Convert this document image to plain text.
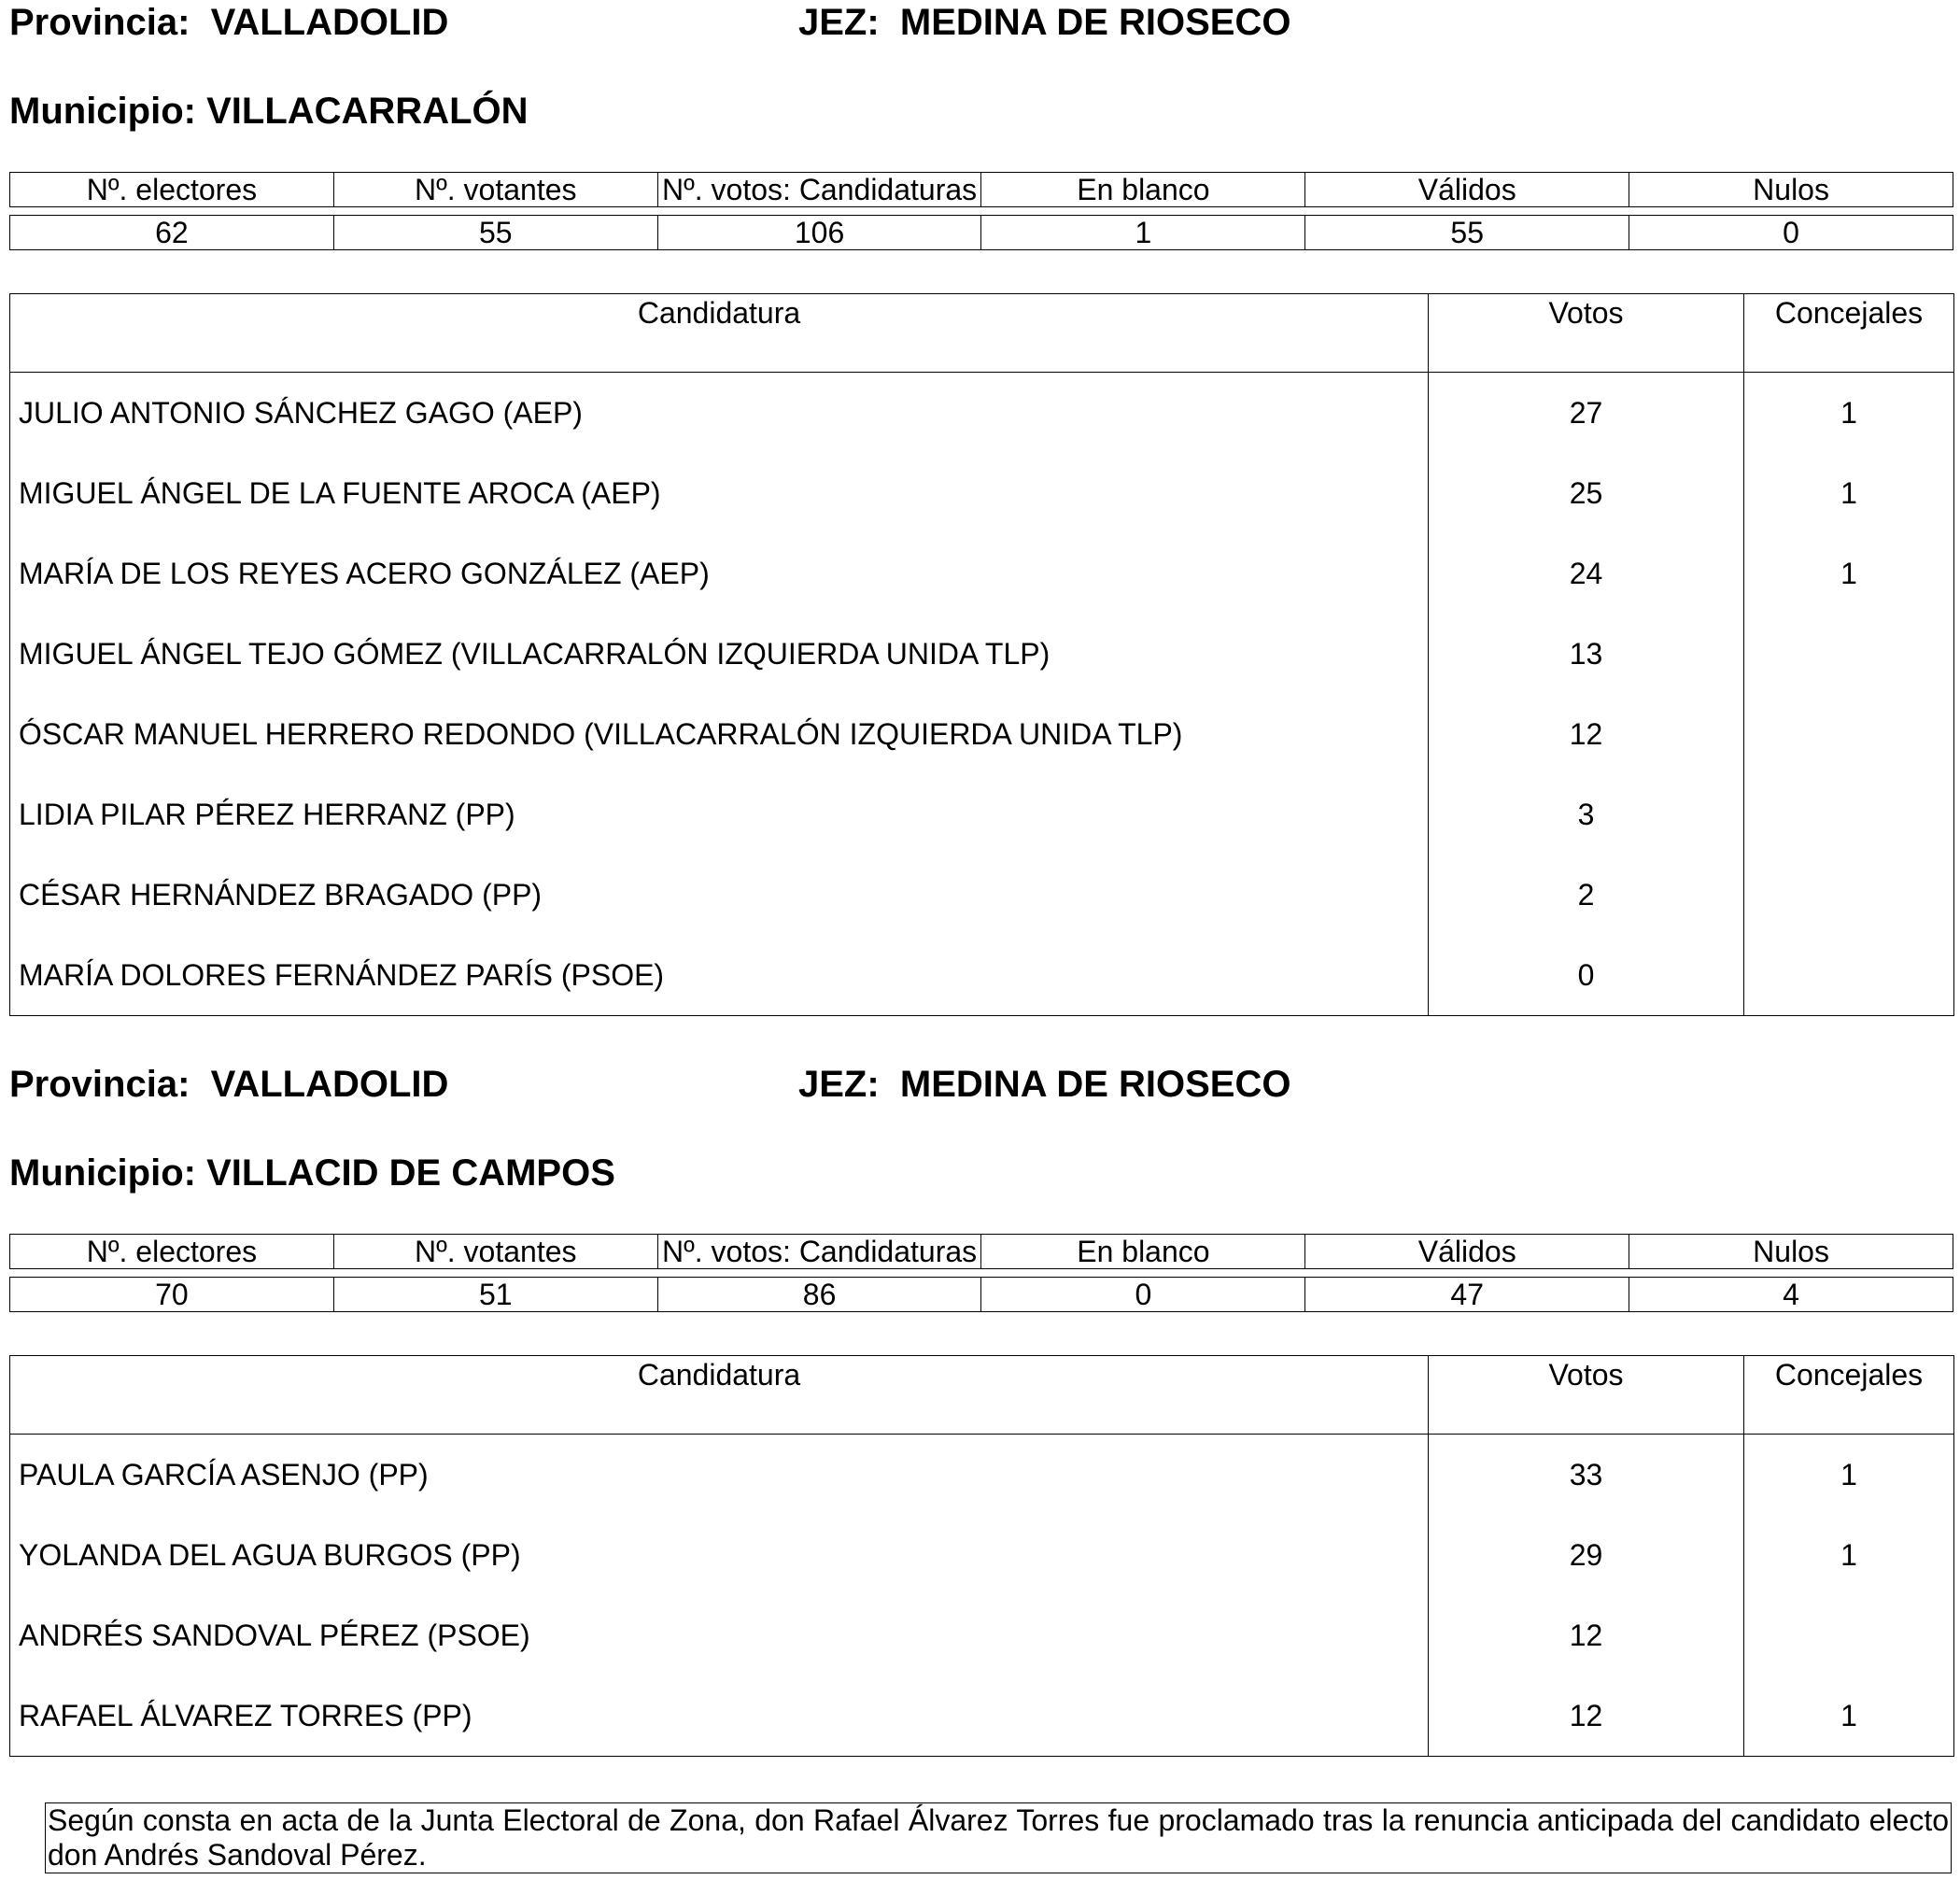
Provincia: VALLADOLID	JEZ: MEDINA DE RIOSECO
Municipio: VILLACARRALÓN
Nº. electores	Nº. votantes	Nº. votos: Candidaturas	En blanco	Válidos	Nulos

62	55	106	1	55	0
Candidatura	Votos	Concejales
JULIO ANTONIO SÁNCHEZ GAGO (AEP)	27	1
MIGUEL ÁNGEL DE LA FUENTE AROCA (AEP)	25	1
MARÍA DE LOS REYES ACERO GONZÁLEZ (AEP)	24	1
MIGUEL ÁNGEL TEJO GÓMEZ (VILLACARRALÓN IZQUIERDA UNIDA TLP)	13	
ÓSCAR MANUEL HERRERO REDONDO (VILLACARRALÓN IZQUIERDA UNIDA TLP)	12	
LIDIA PILAR PÉREZ HERRANZ (PP)	3	
CÉSAR HERNÁNDEZ BRAGADO (PP)	2	
MARÍA DOLORES FERNÁNDEZ PARÍS (PSOE)	0	
Provincia: VALLADOLID	JEZ: MEDINA DE RIOSECO
Municipio: VILLACID DE CAMPOS
Nº. electores	Nº. votantes	Nº. votos: Candidaturas	En blanco	Válidos	Nulos

70	51	86	0	47	4
Candidatura	Votos	Concejales
PAULA GARCÍA ASENJO (PP)	33	1
YOLANDA DEL AGUA BURGOS (PP)	29	1
ANDRÉS SANDOVAL PÉREZ (PSOE)	12	
RAFAEL ÁLVAREZ TORRES (PP)	12	1
Según consta en acta de la Junta Electoral de Zona, don Rafael Álvarez Torres fue proclamado tras la renuncia anticipada del candidato electo don Andrés Sandoval Pérez.
